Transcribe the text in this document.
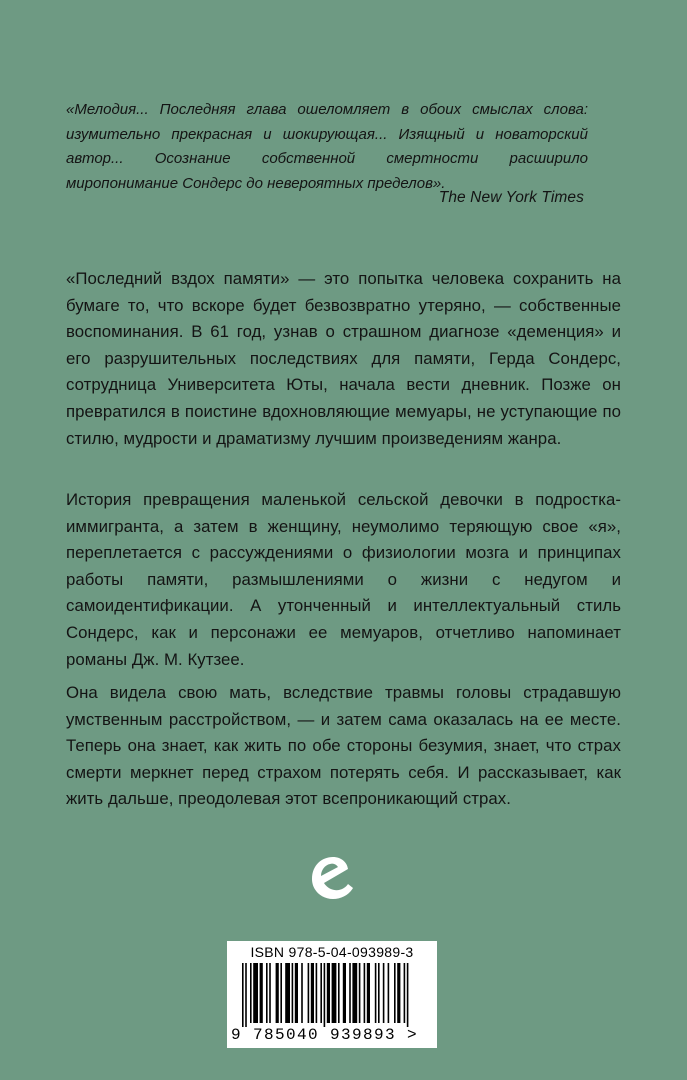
«Мелодия... Последняя глава ошеломляет в обоих смыслах слова: изумительно прекрасная и шокирующая... Изящный и новаторский автор... Осознание собственной смертности расширило миропонимание Сондерс до невероятных пределов».
The New York Times
«Последний вздох памяти» — это попытка человека сохранить на бумаге то, что вскоре будет безвозвратно утеряно, — собственные воспоминания. В 61 год, узнав о страшном диагнозе «деменция» и его разрушительных последствиях для памяти, Герда Сондерс, сотрудница Университета Юты, начала вести дневник. Позже он превратился в поистине вдохновляющие мемуары, не уступающие по стилю, мудрости и драматизму лучшим произведениям жанра.
История превращения маленькой сельской девочки в подростка-иммигранта, а затем в женщину, неумолимо теряющую свое «я», переплетается с рассуждениями о физиологии мозга и принципах работы памяти, размышлениями о жизни с недугом и самоидентификации. А утонченный и интеллектуальный стиль Сондерс, как и персонажи ее мемуаров, отчетливо напоминает романы Дж. М. Кутзее.
Она видела свою мать, вследствие травмы головы страдавшую умственным расстройством, — и затем сама оказалась на ее месте. Теперь она знает, как жить по обе стороны безумия, знает, что страх смерти меркнет перед страхом потерять себя. И рассказывает, как жить дальше, преодолевая этот всепроникающий страх.
ISBN 978-5-04-093989-3
9 785040 939893 >
